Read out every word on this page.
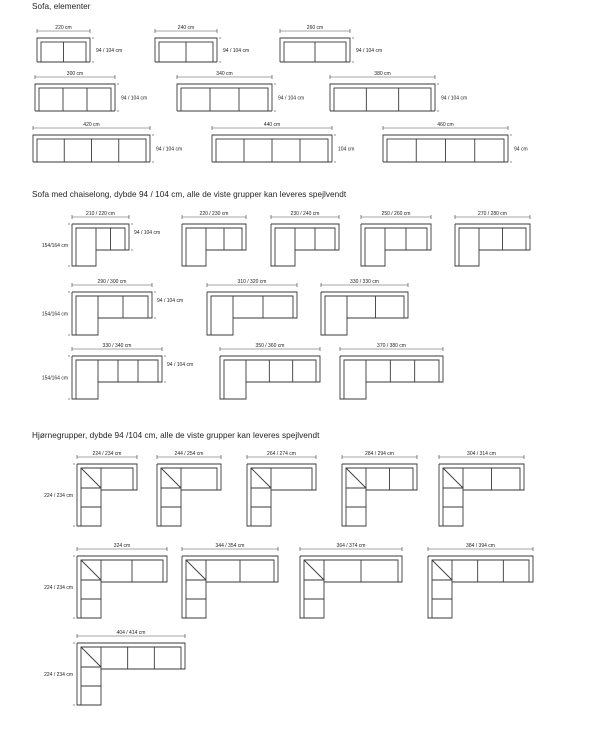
Sofa, elementer
Sofa med chaiselong, dybde 94 / 104 cm, alle de viste grupper kan leveres spejlvendt
Hjørnegrupper, dybde 94 /104 cm, alle de viste grupper kan leveres spejlvendt
220 cm
94 / 104 cm
240 cm
94 / 104 cm
260 cm
94 / 104 cm
300 cm
94 / 104 cm
340 cm
94 / 104 cm
380 cm
94 / 104 cm
420 cm
94 / 104 cm
440 cm
104 cm
460 cm
94 cm
210 / 220 cm
94 / 104 cm
154/164 cm
220 / 230 cm	230 / 240 cm	250 / 260 cm	270 / 280 cm
290 / 300 cm
94 / 104 cm
154/164 cm
310 / 320 cm	330 / 330 cm
330 / 340 cm
94 / 104 cm
154/164 cm
350 / 360 cm	370 / 380 cm
224 / 234 cm
224 / 234 cm
244 / 254 cm	264 / 274 cm	284 / 294 cm	304 / 314 cm
324 cm
224 / 234 cm
344 / 354 cm	364 / 374 cm	384 / 394 cm
404 / 414 cm
224 / 234 cm
